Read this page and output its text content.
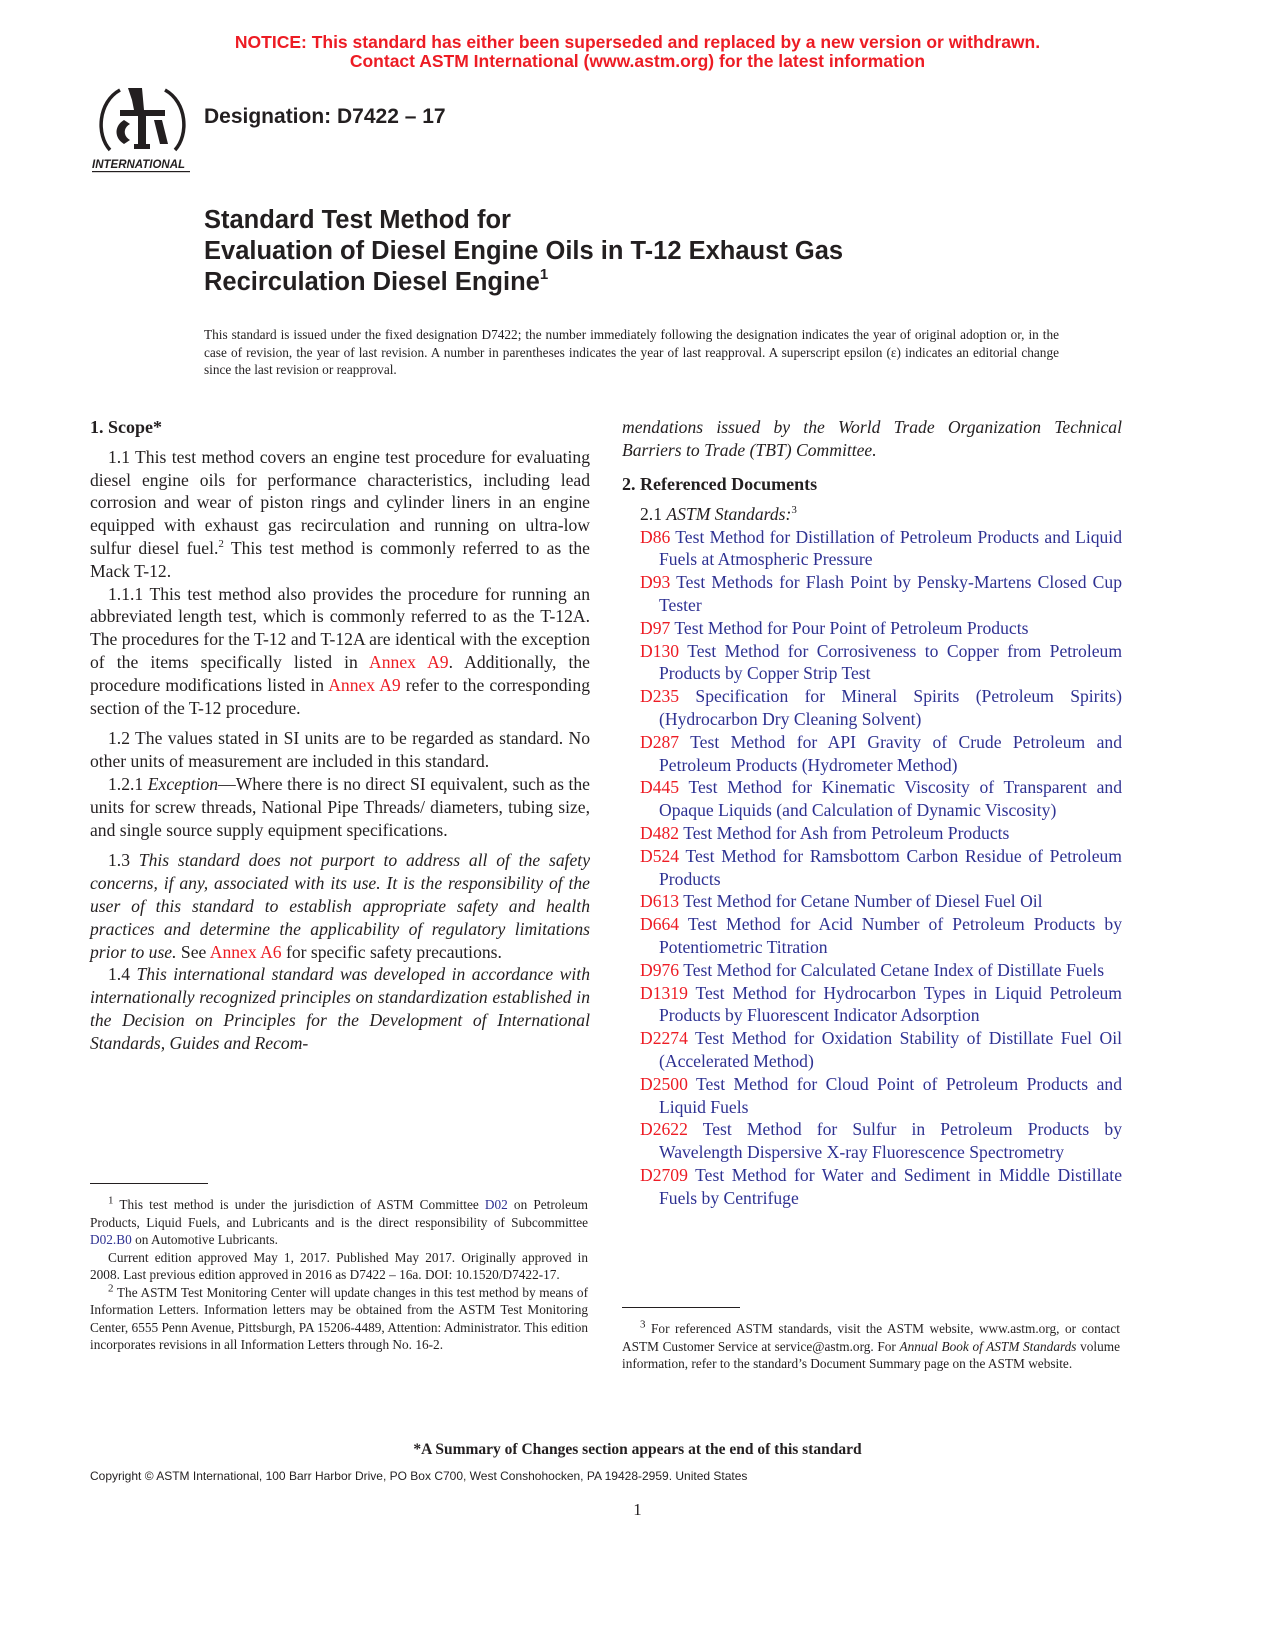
NOTICE: This standard has either been superseded and replaced by a new version or withdrawn.
Contact ASTM International (www.astm.org) for the latest information
INTERNATIONAL
Designation: D7422 – 17
Standard Test Method for
Evaluation of Diesel Engine Oils in T-12 Exhaust Gas
Recirculation Diesel Engine$^1$
This standard is issued under the fixed designation D7422; the number immediately following the designation indicates the year of original adoption or, in the case of revision, the year of last revision. A number in parentheses indicates the year of last reapproval. A superscript epsilon (ε) indicates an editorial change since the last revision or reapproval.
1. Scope*

1.1 This test method covers an engine test procedure for evaluating diesel engine oils for performance characteristics, including lead corrosion and wear of piston rings and cylinder liners in an engine equipped with exhaust gas recirculation and running on ultra-low sulfur diesel fuel.$^2$ This test method is commonly referred to as the Mack T-12.

1.1.1 This test method also provides the procedure for running an abbreviated length test, which is commonly referred to as the T-12A. The procedures for the T-12 and T-12A are identical with the exception of the items specifically listed in Annex A9. Additionally, the procedure modifications listed in Annex A9 refer to the corresponding section of the T-12 procedure.

1.2 The values stated in SI units are to be regarded as standard. No other units of measurement are included in this standard.

1.2.1 Exception—Where there is no direct SI equivalent, such as the units for screw threads, National Pipe Threads/ diameters, tubing size, and single source supply equipment specifications.

1.3 This standard does not purport to address all of the safety concerns, if any, associated with its use. It is the responsibility of the user of this standard to establish appropriate safety and health practices and determine the applicability of regulatory limitations prior to use. See Annex A6 for specific safety precautions.

1.4 This international standard was developed in accordance with internationally recognized principles on standardization established in the Decision on Principles for the Development of International Standards, Guides and Recom-

$^1$ This test method is under the jurisdiction of ASTM Committee D02 on Petroleum Products, Liquid Fuels, and Lubricants and is the direct responsibility of Subcommittee D02.B0 on Automotive Lubricants.

Current edition approved May 1, 2017. Published May 2017. Originally approved in 2008. Last previous edition approved in 2016 as D7422 – 16a. DOI: 10.1520/D7422-17.

$^2$ The ASTM Test Monitoring Center will update changes in this test method by means of Information Letters. Information letters may be obtained from the ASTM Test Monitoring Center, 6555 Penn Avenue, Pittsburgh, PA 15206-4489, Attention: Administrator. This edition incorporates revisions in all Information Letters through No. 16-2.

mendations issued by the World Trade Organization Technical Barriers to Trade (TBT) Committee.

2. Referenced Documents

2.1 ASTM Standards:$^3$

D86 Test Method for Distillation of Petroleum Products and Liquid Fuels at Atmospheric Pressure

D93 Test Methods for Flash Point by Pensky-Martens Closed Cup Tester

D97 Test Method for Pour Point of Petroleum Products

D130 Test Method for Corrosiveness to Copper from Petroleum Products by Copper Strip Test

D235 Specification for Mineral Spirits (Petroleum Spirits) (Hydrocarbon Dry Cleaning Solvent)

D287 Test Method for API Gravity of Crude Petroleum and Petroleum Products (Hydrometer Method)

D445 Test Method for Kinematic Viscosity of Transparent and Opaque Liquids (and Calculation of Dynamic Viscosity)

D482 Test Method for Ash from Petroleum Products

D524 Test Method for Ramsbottom Carbon Residue of Petroleum Products

D613 Test Method for Cetane Number of Diesel Fuel Oil

D664 Test Method for Acid Number of Petroleum Products by Potentiometric Titration

D976 Test Method for Calculated Cetane Index of Distillate Fuels

D1319 Test Method for Hydrocarbon Types in Liquid Petroleum Products by Fluorescent Indicator Adsorption

D2274 Test Method for Oxidation Stability of Distillate Fuel Oil (Accelerated Method)

D2500 Test Method for Cloud Point of Petroleum Products and Liquid Fuels

D2622 Test Method for Sulfur in Petroleum Products by Wavelength Dispersive X-ray Fluorescence Spectrometry

D2709 Test Method for Water and Sediment in Middle Distillate Fuels by Centrifuge

$^3$ For referenced ASTM standards, visit the ASTM website, www.astm.org, or contact ASTM Customer Service at service@astm.org. For Annual Book of ASTM Standards volume information, refer to the standard’s Document Summary page on the ASTM website.

*A Summary of Changes section appears at the end of this standard
Copyright © ASTM International, 100 Barr Harbor Drive, PO Box C700, West Conshohocken, PA 19428-2959. United States
1
